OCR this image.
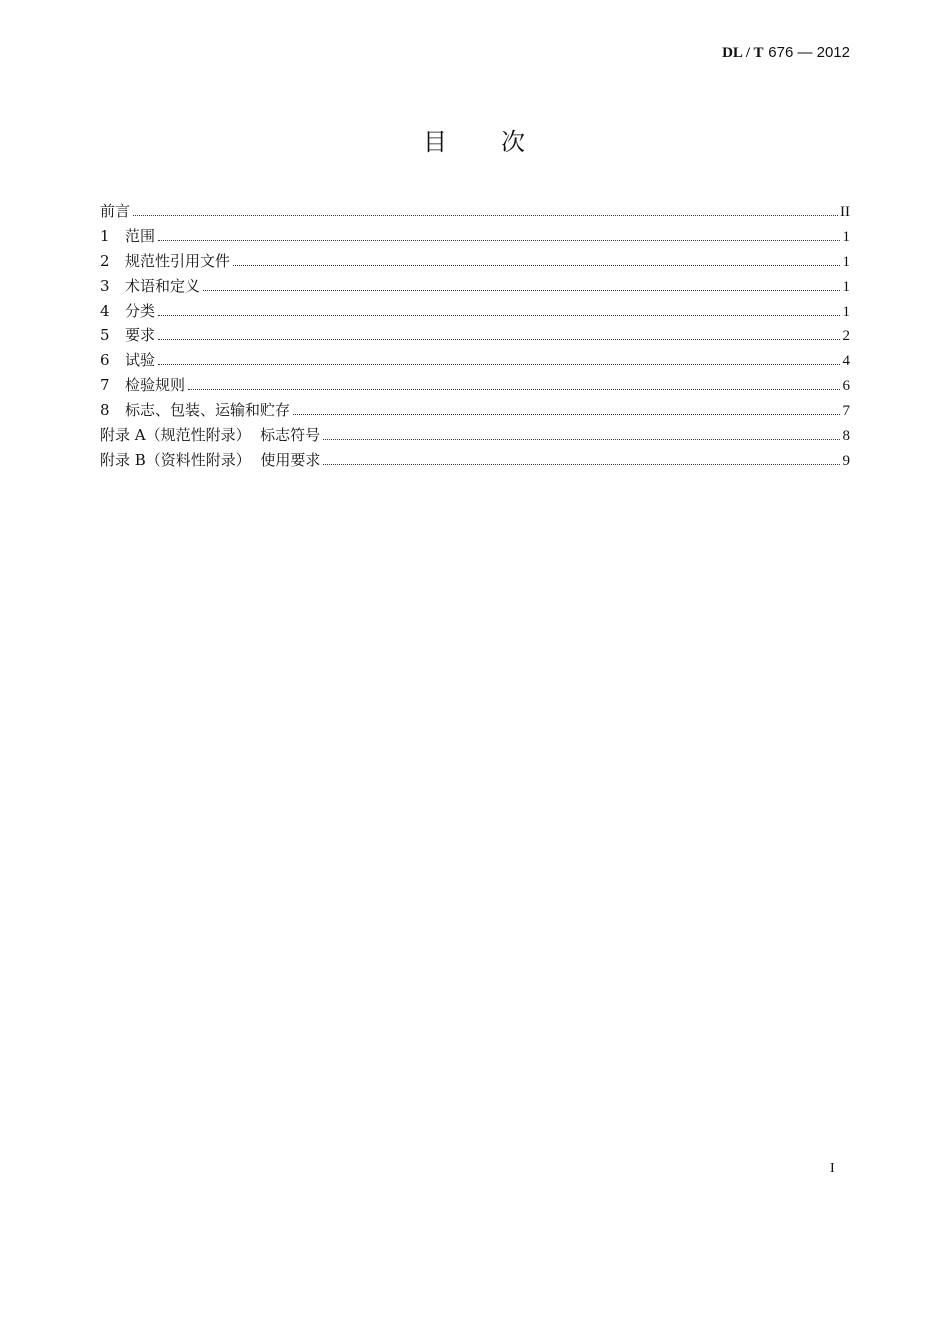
DL / T 676 — 2012
目 次
前言	II
1	范围	1
2	规范性引用文件	1
3	术语和定义	1
4	分类	1
5	要求	2
6	试验	4
7	检验规则	6
8	标志、包装、运输和贮存	7
附录 A（规范性附录）  标志符号	8
附录 B（资料性附录）  使用要求	9
I
